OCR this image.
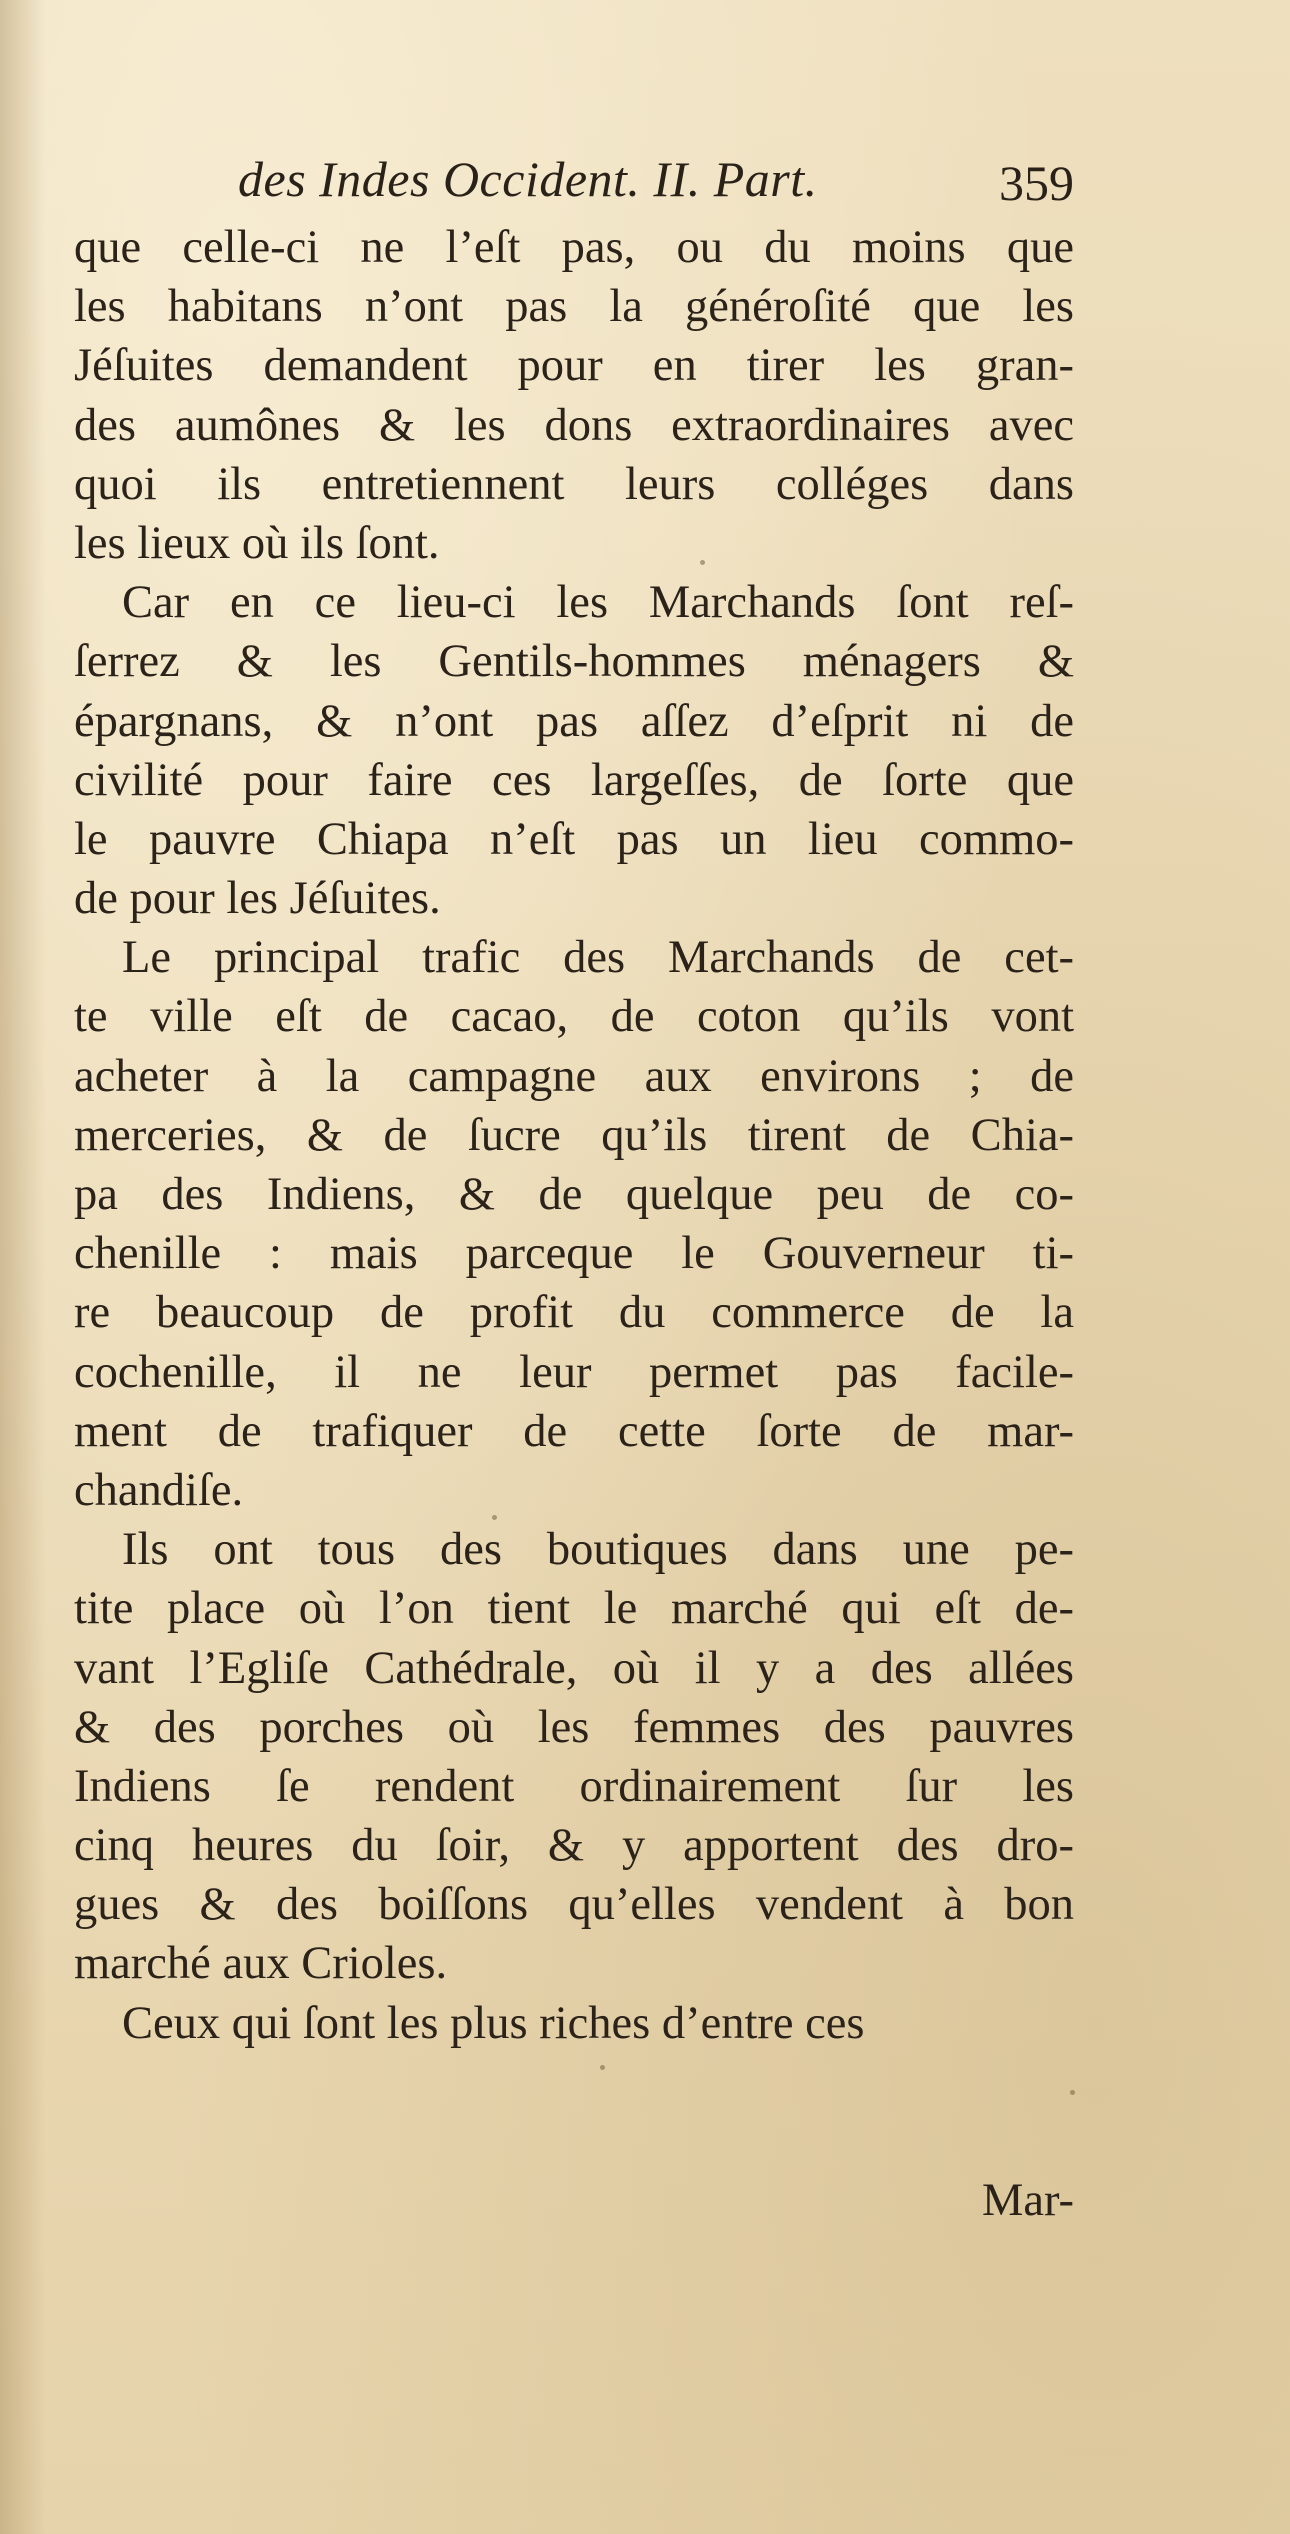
des Indes Occident. II. Part.	359
que celle-ci ne l’eſt pas, ou du moins que
les habitans n’ont pas la généroſité que les
Jéſuites demandent pour en tirer les gran-
des aumônes & les dons extraordinaires avec
quoi ils entretiennent leurs colléges dans
les lieux où ils ſont.
Car en ce lieu-ci les Marchands ſont reſ-
ſerrez & les Gentils-hommes ménagers &
épargnans, & n’ont pas aſſez d’eſprit ni de
civilité pour faire ces largeſſes, de ſorte que
le pauvre Chiapa n’eſt pas un lieu commo-
de pour les Jéſuites.
Le principal trafic des Marchands de cet-
te ville eſt de cacao, de coton qu’ils vont
acheter à la campagne aux environs ; de
merceries, & de ſucre qu’ils tirent de Chia-
pa des Indiens, & de quelque peu de co-
chenille : mais parceque le Gouverneur ti-
re beaucoup de profit du commerce de la
cochenille, il ne leur permet pas facile-
ment de trafiquer de cette ſorte de mar-
chandiſe.
Ils ont tous des boutiques dans une pe-
tite place où l’on tient le marché qui eſt de-
vant l’Egliſe Cathédrale, où il y a des allées
& des porches où les femmes des pauvres
Indiens ſe rendent ordinairement ſur les
cinq heures du ſoir, & y apportent des dro-
gues & des boiſſons qu’elles vendent à bon
marché aux Crioles.
Ceux qui ſont les plus riches d’entre ces
Mar-
